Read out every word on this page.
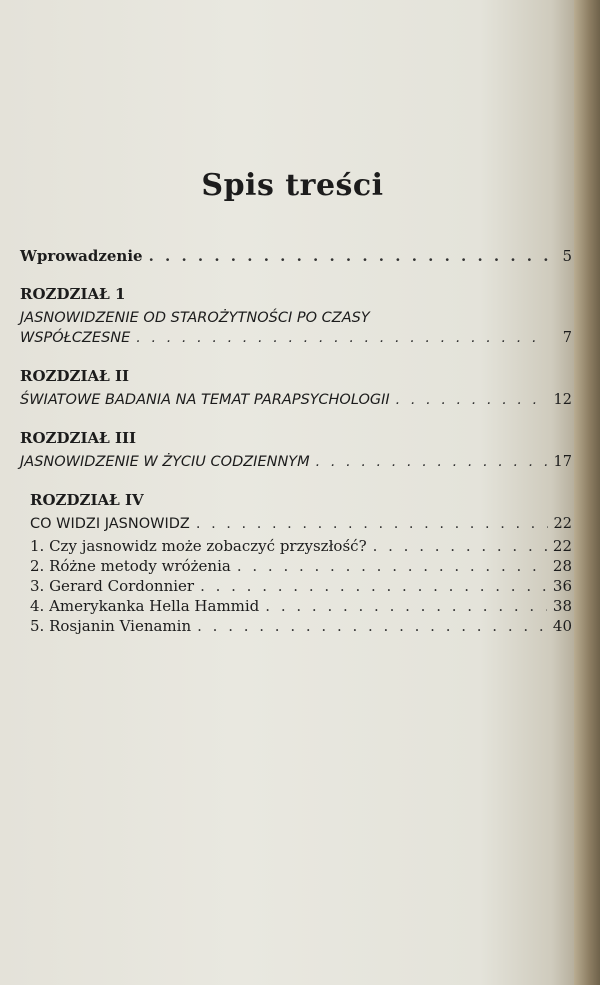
Spis treści
Wprowadzenie . . .	5
ROZDZIAŁ 1
JASNOWIDZENIE OD STAROŻYTNOŚCI PO CZASY
WSPÓŁCZESNE . . .	7
ROZDZIAŁ II
ŚWIATOWE BADANIA NA TEMAT PARAPSYCHOLOGII . . .	12
ROZDZIAŁ III
JASNOWIDZENIE W ŻYCIU CODZIENNYM . . .	17
ROZDZIAŁ IV
CO WIDZI JASNOWIDZ . . .	22
1. Czy jasnowidz może zobaczyć przyszłość? . . .	22
2. Różne metody wróżenia . . .	28
3. Gerard Cordonnier . . .	36
4. Amerykanka Hella Hammid . . .	38
5. Rosjanin Vienamin . . .	40
